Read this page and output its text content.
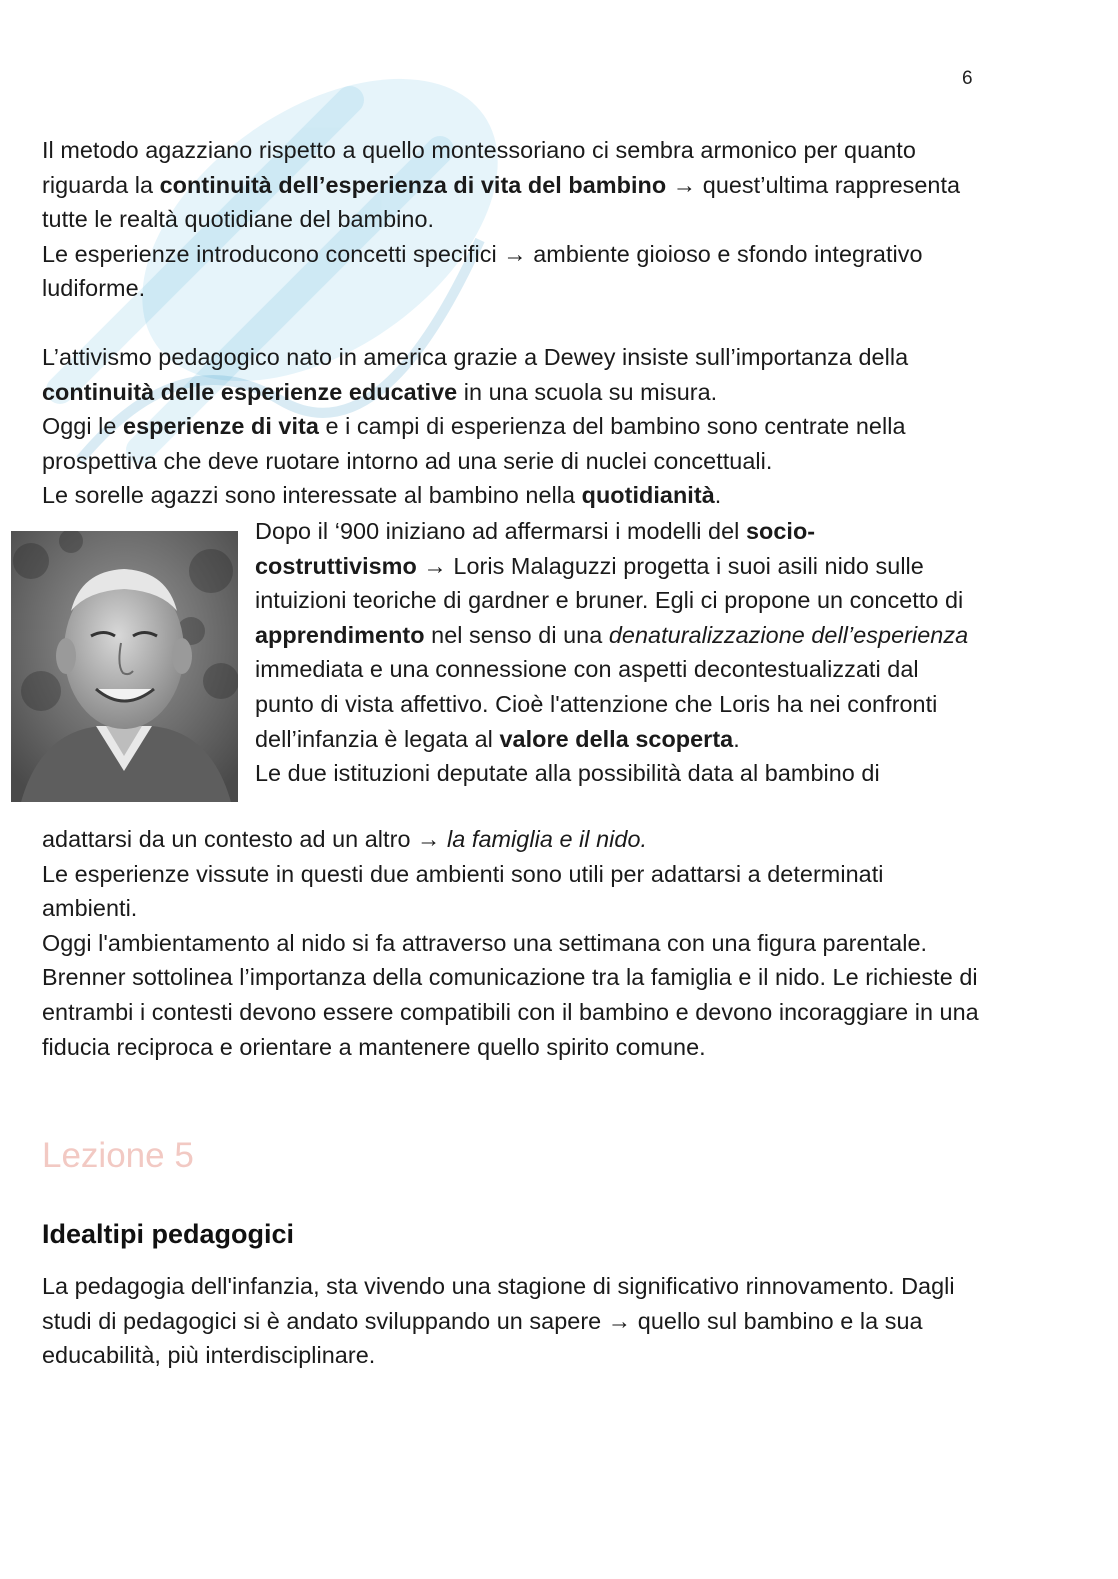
6

Il metodo agazziano rispetto a quello montessoriano ci sembra armonico per quanto riguarda la continuità dell’esperienza di vita del bambino → quest’ultima rappresenta tutte le realtà quotidiane del bambino.

Le esperienze introducono concetti specifici → ambiente gioioso e sfondo integrativo ludiforme.

L’attivismo pedagogico nato in america grazie a Dewey insiste sull’importanza della continuità delle esperienze educative in una scuola su misura.

Oggi le esperienze di vita e i campi di esperienza del bambino sono centrate nella prospettiva che deve ruotare intorno ad una serie di nuclei concettuali.

Le sorelle agazzi sono interessate al bambino nella quotidianità.

Dopo il ‘900 iniziano ad affermarsi i modelli del socio-costruttivismo → Loris Malaguzzi progetta i suoi asili nido sulle intuizioni teoriche di gardner e bruner. Egli ci propone un concetto di apprendimento nel senso di una denaturalizzazione dell’esperienza immediata e una connessione con aspetti decontestualizzati dal punto di vista affettivo. Cioè l'attenzione che Loris ha nei confronti dell’infanzia è legata al valore della scoperta.

Le due istituzioni deputate alla possibilità data al bambino di

adattarsi da un contesto ad un altro → la famiglia e il nido.

Le esperienze vissute in questi due ambienti sono utili per adattarsi a determinati ambienti.

Oggi l'ambientamento al nido si fa attraverso una settimana con una figura parentale. Brenner sottolinea l’importanza della comunicazione tra la famiglia e il nido. Le richieste di entrambi i contesti devono essere compatibili con il bambino e devono incoraggiare in una fiducia reciproca e orientare a mantenere quello spirito comune.

Lezione 5
Idealtipi pedagogici

La pedagogia dell'infanzia, sta vivendo una stagione di significativo rinnovamento. Dagli studi di pedagogici si è andato sviluppando un sapere → quello sul bambino e la sua educabilità, più interdisciplinare.
